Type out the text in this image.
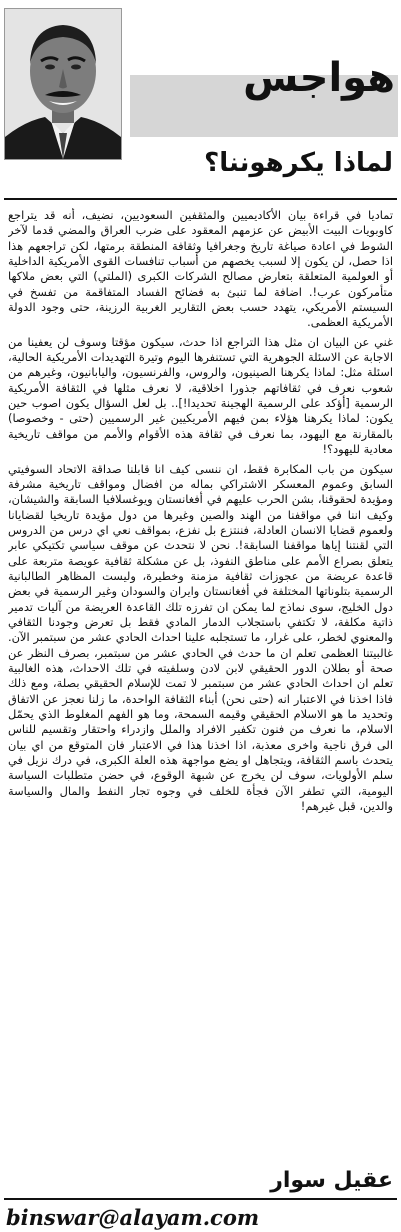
هواجس
لماذا يكرهوننا؟

تماديا في قراءة بيان الأكاديميين والمثقفين السعوديين، نضيف، أنه قد يتراجع كاوبويات البيت الأبيض عن عزمهم المعقود على ضرب العراق والمضي قدما لآخر الشوط في اعادة صياغة تاريخ وجغرافيا وثقافة المنطقة برمتها، لكن تراجعهم هذا اذا حصل، لن يكون إلا لسبب يخصهم من أسباب تنافسات القوى الأمريكية الداخلية أو العولمية المتعلقة بتعارض مصالح الشركات الكبرى (الملتي) التي بعض ملاكها متأمركون عرب!. اضافة لما تنبئ به فضائح الفساد المتفاقمة من تفسخ في السيستم الأمريكي، يتهدد حسب بعض التقارير الغربية الرزينة، حتى وجود الدولة الأمريكية العظمى.

غني عن البيان ان مثل هذا التراجع اذا حدث، سيكون مؤقتا وسوف لن يعفينا من الاجابة عن الاسئلة الجوهرية التي تستنفرها اليوم وتيرة التهديدات الأمريكية الحالية، اسئلة مثل: لماذا يكرهنا الصينيون، والروس، والفرنسيون، واليابانيون، وغيرهم من شعوب نعرف في ثقافاتهم جذورا اخلاقية، لا نعرف مثلها في الثقافة الأمريكية الرسمية [أؤكد على الرسمية الهجينة تحديدا!].. بل لعل السؤال يكون اصوب حين يكون: لماذا يكرهنا هؤلاء بمن فيهم الأمريكيين غير الرسميين (حتى - وخصوصا) بالمقارنة مع اليهود، بما نعرف في ثقافة هذه الأقوام والأمم من مواقف تاريخية معادية لليهود؟!

سيكون من باب المكابرة فقط، ان ننسى كيف انا قابلنا صداقة الاتحاد السوفيتي السابق وعموم المعسكر الاشتراكي بماله من افضال ومواقف تاريخية مشرفة ومؤيدة لحقوقنا، بشن الحرب عليهم في أفغانستان ويوغسلافيا السابقة والشيشان، وكيف اننا في مواقفنا من الهند والصين وغيرها من دول مؤيدة تاريخيا لقضايانا ولعموم قضايا الانسان العادلة، فننتزع بل نفزع، بمواقف نعي اي درس من الدروس التي لقنتنا إياها مواقفنا السابقة!. نحن لا نتحدث عن موقف سياسي تكتيكي عابر يتعلق بصراع الأمم على مناطق النفوذ، بل عن مشكلة ثقافية عويصة متربعة على قاعدة عريضة من عجوزات ثقافية مزمنة وخطيرة، وليست المظاهر الطالبانية الرسمية بتلوناتها المختلفة في أفغانستان وايران والسودان وغير الرسمية في بعض دول الخليج، سوى نماذج لما يمكن ان تفرزه تلك القاعدة العريضة من آليات تدمير ذاتية مكلفة، لا تكتفي باستجلاب الدمار المادي فقط بل تعرض وجودنا الثقافي والمعنوي لخطر، على غرار، ما تستجلبه علينا احداث الحادي عشر من سبتمبر الآن. غالبيتنا العظمى تعلم ان ما حدث في الحادي عشر من سبتمبر، بصرف النظر عن صحة أو بطلان الدور الحقيقي لابن لادن وسلفيته في تلك الاحداث، هذه الغالبية تعلم ان احداث الحادي عشر من سبتمبر لا تمت للإسلام الحقيقي بصلة، ومع ذلك فاذا اخذنا في الاعتبار انه (حتى نحن) أبناء الثقافة الواحدة، ما زلنا نعجز عن الاتفاق وتحديد ما هو الاسلام الحقيقي وقيمه السمحة، وما هو الفهم المغلوط الذي يحمّل الاسلام، ما نعرف من فنون تكفير الافراد والملل وازدراء واحتقار وتقسيم للناس الى فرق ناجية واخرى معذبة، اذا اخذنا هذا في الاعتبار فان المتوقع من اي بيان يتحدث باسم الثقافة، ويتجاهل او يضع مواجهة هذه العلة الكبرى، في درك نزيل في سلم الأولويات، سوف لن يخرج عن شبهة الوقوع، في حضن متطلبات السياسة اليومية، التي تطفر الآن فجأة للخلف في وجوه تجار النفط والمال والسياسة والدين، قبل غيرهم!

عقيل سوار
binswar@alayam.com
